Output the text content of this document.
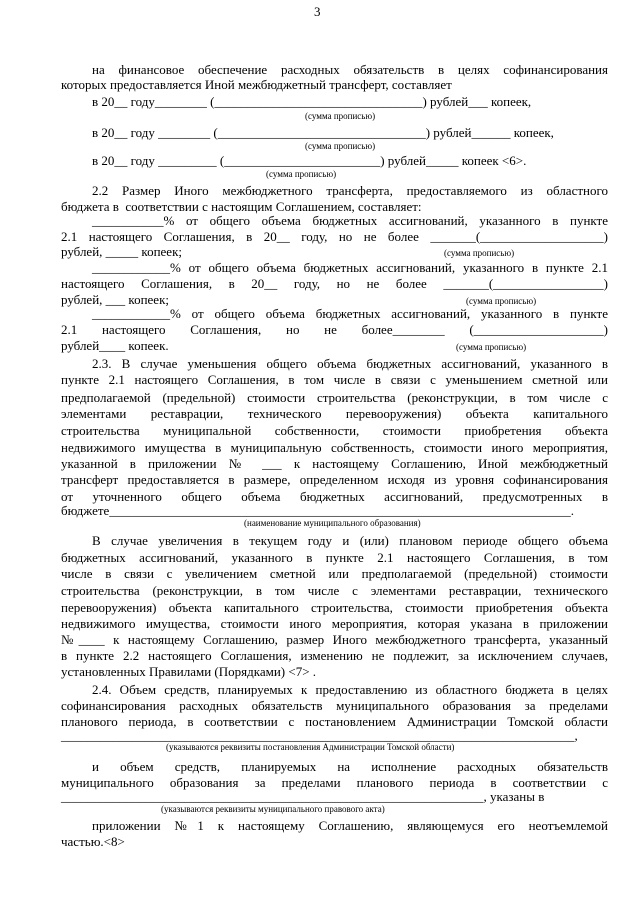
3
на финансовое обеспечение расходных обязательств в целях софинансирования
которых предоставляется Иной межбюджетный трансферт, составляет
в 20__ году________ (________________________________) рублей___ копеек,
(сумма прописью)
в 20__ году ________ (________________________________) рублей______ копеек,
(сумма прописью)
в 20__ году _________ (________________________) рублей_____ копеек <6>.
(сумма прописью)
2.2 Размер Иного межбюджетного трансферта, предоставляемого из областного
бюджета в  соответствии с настоящим Соглашением, составляет:
___________% от общего объема бюджетных ассигнований, указанного в пункте
2.1 настоящего Соглашения, в 20__ году, но не более _______(___________________)
рублей, _____ копеек;	(сумма прописью)
____________% от общего объема бюджетных ассигнований, указанного в пункте 2.1
настоящего Соглашения, в 20__ году, но не более _______(_________________)
рублей, ___ копеек;	(сумма прописью)
____________% от общего объема бюджетных ассигнований, указанного в пункте
2.1 настоящего Соглашения, но не более________ (____________________)
рублей____ копеек.	(сумма прописью)
2.3. В случае уменьшения общего объема бюджетных ассигнований, указанного в
пункте 2.1 настоящего Соглашения, в том числе в связи с уменьшением сметной или
предполагаемой (предельной) стоимости строительства (реконструкции, в том числе с
элементами реставрации, технического перевооружения) объекта капитального
строительства муниципальной собственности, стоимости приобретения объекта
недвижимого имущества в муниципальную собственность, стоимости иного мероприятия,
указанной в приложении № ___ к настоящему Соглашению, Иной межбюджетный
трансферт предоставляется в размере, определенном исходя из уровня софинансирования
от уточненного общего объема бюджетных ассигнований, предусмотренных в
бюджете_______________________________________________________________________.
(наименование муниципального образования)
В случае увеличения в текущем году и (или) плановом периоде общего объема
бюджетных ассигнований, указанного в пункте 2.1 настоящего Соглашения, в том
числе в связи с увеличением сметной или предполагаемой (предельной) стоимости
строительства (реконструкции, в том числе с элементами реставрации, технического
перевооружения) объекта капитального строительства, стоимости приобретения объекта
недвижимого имущества, стоимости иного мероприятия, которая указана в приложении
№____ к настоящему Соглашению, размер Иного межбюджетного трансферта, указанный
в пункте 2.2 настоящего Соглашения, изменению не подлежит, за исключением случаев,
установленных Правилами (Порядками) <7> .
2.4. Объем средств, планируемых к предоставлению из областного бюджета в целях
софинансирования расходных обязательств муниципального образования за пределами
планового периода, в соответствии с постановлением Администрации Томской области
_______________________________________________________________________________,
(указываются реквизиты постановления Администрации Томской области)
и объем средств, планируемых на исполнение расходных обязательств
муниципального образования за пределами планового периода в соответствии с
_________________________________________________________________, указаны в
(указываются реквизиты муниципального правового акта)
приложении №1 к настоящему Соглашению, являющемуся его неотъемлемой
частью.<8>
